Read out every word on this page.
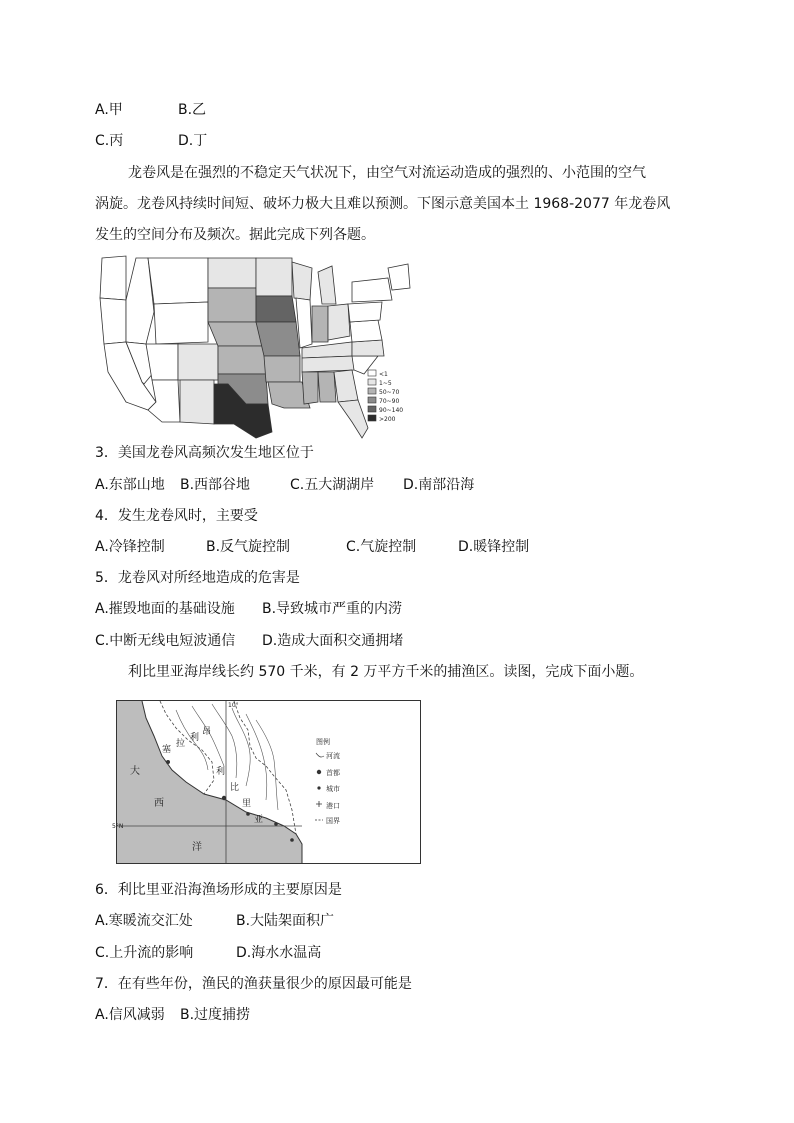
A.甲	B.乙
C.丙	D.丁
龙卷风是在强烈的不稳定天气状况下，由空气对流运动造成的强烈的、小范围的空气
涡旋。龙卷风持续时间短、破坏力极大且难以预测。下图示意美国本土 1968-2077 年龙卷风
发生的空间分布及频次。据此完成下列各题。
<1
1~5
50~70
70~90
90~140
>200
3．美国龙卷风高频次发生地区位于
A.东部山地 B.西部谷地	C.五大湖湖岸 D.南部沿海
4．发生龙卷风时，主要受
A.冷锋控制	B.反气旋控制	C.气旋控制	D.暖锋控制
5．龙卷风对所经地造成的危害是
A.摧毁地面的基础设施 B.导致城市严重的内涝
C.中断无线电短波通信 D.造成大面积交通拥堵
利比里亚海岸线长约 570 千米，有 2 万平方千米的捕渔区。读图，完成下面小题。
10°
5°N
大
西
洋
塞
拉
利
昂
利
比
里
亚
图例
河流
首都
城市
港口
国界
6．利比里亚沿海渔场形成的主要原因是
A.寒暖流交汇处	B.大陆架面积广
C.上升流的影响	D.海水水温高
7．在有些年份，渔民的渔获量很少的原因最可能是
A.信风减弱 B.过度捕捞
